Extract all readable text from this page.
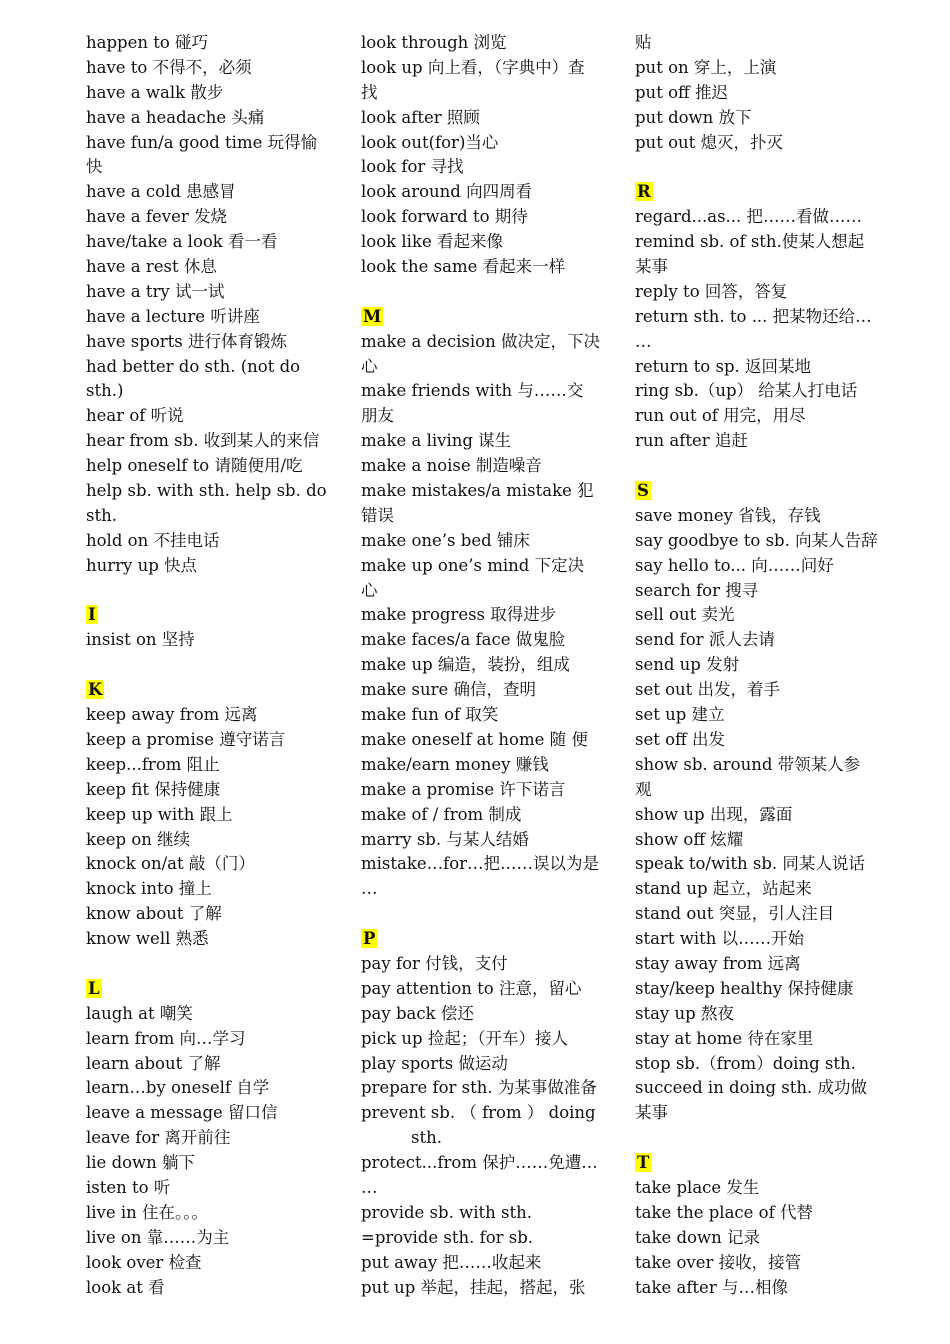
happen to 碰巧
have to 不得不，必须
have a walk 散步
have a headache 头痛
have fun/a good time 玩得愉
快
have a cold 患感冒
have a fever 发烧
have/take a look 看一看
have a rest 休息
have a try 试一试
have a lecture 听讲座
have sports 进行体育锻炼
had better do sth. (not do
sth.)
hear of 听说
hear from sb. 收到某人的来信
help oneself to 请随便用/吃
help sb. with sth. help sb. do
sth.
hold on 不挂电话
hurry up 快点
I
insist on 坚持
K
keep away from 远离
keep a promise 遵守诺言
keep...from 阻止
keep fit 保持健康
keep up with 跟上
keep on 继续
knock on/at 敲（门）
knock into 撞上
know about 了解
know well 熟悉
L
laugh at 嘲笑
learn from 向…学习
learn about 了解
learn…by oneself 自学
leave a message 留口信
leave for 离开前往
lie down 躺下
isten to 听
live in 住在。。。
live on 靠……为主
look over 检查
look at 看
look through 浏览
look up 向上看，（字典中）查
找
look after 照顾
look out(for)当心
look for 寻找
look around 向四周看
look forward to 期待
look like 看起来像
look the same 看起来一样
M
make a decision 做决定，下决
心
make friends with 与……交
朋友
make a living 谋生
make a noise 制造噪音
make mistakes/a mistake 犯
错误
make one’s bed 铺床
make up one’s mind 下定决
心
make progress 取得进步
make faces/a face 做鬼脸
make up 编造，装扮，组成
make sure 确信，查明
make fun of 取笑
make oneself at home 随 便
make/earn money 赚钱
make a promise 许下诺言
make of / from 制成
marry sb. 与某人结婚
mistake…for…把……误以为是
…
P
pay for 付钱，支付
pay attention to 注意，留心
pay back 偿还
pick up 捡起；（开车）接人
play sports 做运动
prepare for sth. 为某事做准备
prevent sb. （ from ） doing
sth.
protect...from 保护……免遭…
…
provide sb. with sth.
=provide sth. for sb.
put away 把……收起来
put up 举起，挂起，搭起，张
贴
put on 穿上，上演
put off 推迟
put down 放下
put out 熄灭，扑灭
R
regard...as... 把……看做……
remind sb. of sth.使某人想起
某事
reply to 回答，答复
return sth. to ... 把某物还给…
…
return to sp. 返回某地
ring sb.（up） 给某人打电话
run out of 用完，用尽
run after 追赶
S
save money 省钱，存钱
say goodbye to sb. 向某人告辞
say hello to... 向……问好
search for 搜寻
sell out 卖光
send for 派人去请
send up 发射
set out 出发，着手
set up 建立
set off 出发
show sb. around 带领某人参
观
show up 出现，露面
show off 炫耀
speak to/with sb. 同某人说话
stand up 起立，站起来
stand out 突显，引人注目
start with 以……开始
stay away from 远离
stay/keep healthy 保持健康
stay up 熬夜
stay at home 待在家里
stop sb.（from）doing sth.
succeed in doing sth. 成功做
某事
T
take place 发生
take the place of 代替
take down 记录
take over 接收，接管
take after 与…相像
